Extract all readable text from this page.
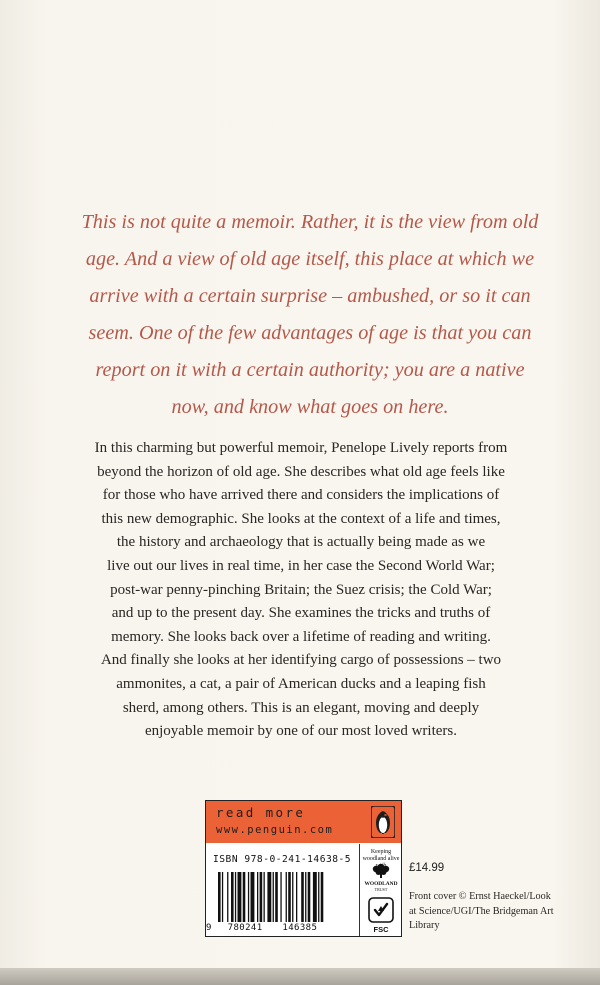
This is not quite a memoir. Rather, it is the view from old

age. And a view of old age itself, this place at which we

arrive with a certain surprise – ambushed, or so it can

seem. One of the few advantages of age is that you can

report on it with a certain authority; you are a native

now, and know what goes on here.

In this charming but powerful memoir, Penelope Lively reports from

beyond the horizon of old age. She describes what old age feels like

for those who have arrived there and considers the implications of

this new demographic. She looks at the context of a life and times,

the history and archaeology that is actually being made as we

live out our lives in real time, in her case the Second World War;

post-war penny-pinching Britain; the Suez crisis; the Cold War;

and up to the present day. She examines the tricks and truths of

memory. She looks back over a lifetime of reading and writing.

And finally she looks at her identifying cargo of possessions – two

ammonites, a cat, a pair of American ducks and a leaping fish

sherd, among others. This is an elegant, moving and deeply

enjoyable memoir by one of our most loved writers.

read more
www.penguin.com
ISBN 978-0-241-14638-5
9 780241 146385
Keeping woodland alive
WOODLAND
TRUST
FSC
£14.99
Front cover © Ernst Haeckel/Look
at Science/UGI/The Bridgeman Art
Library
